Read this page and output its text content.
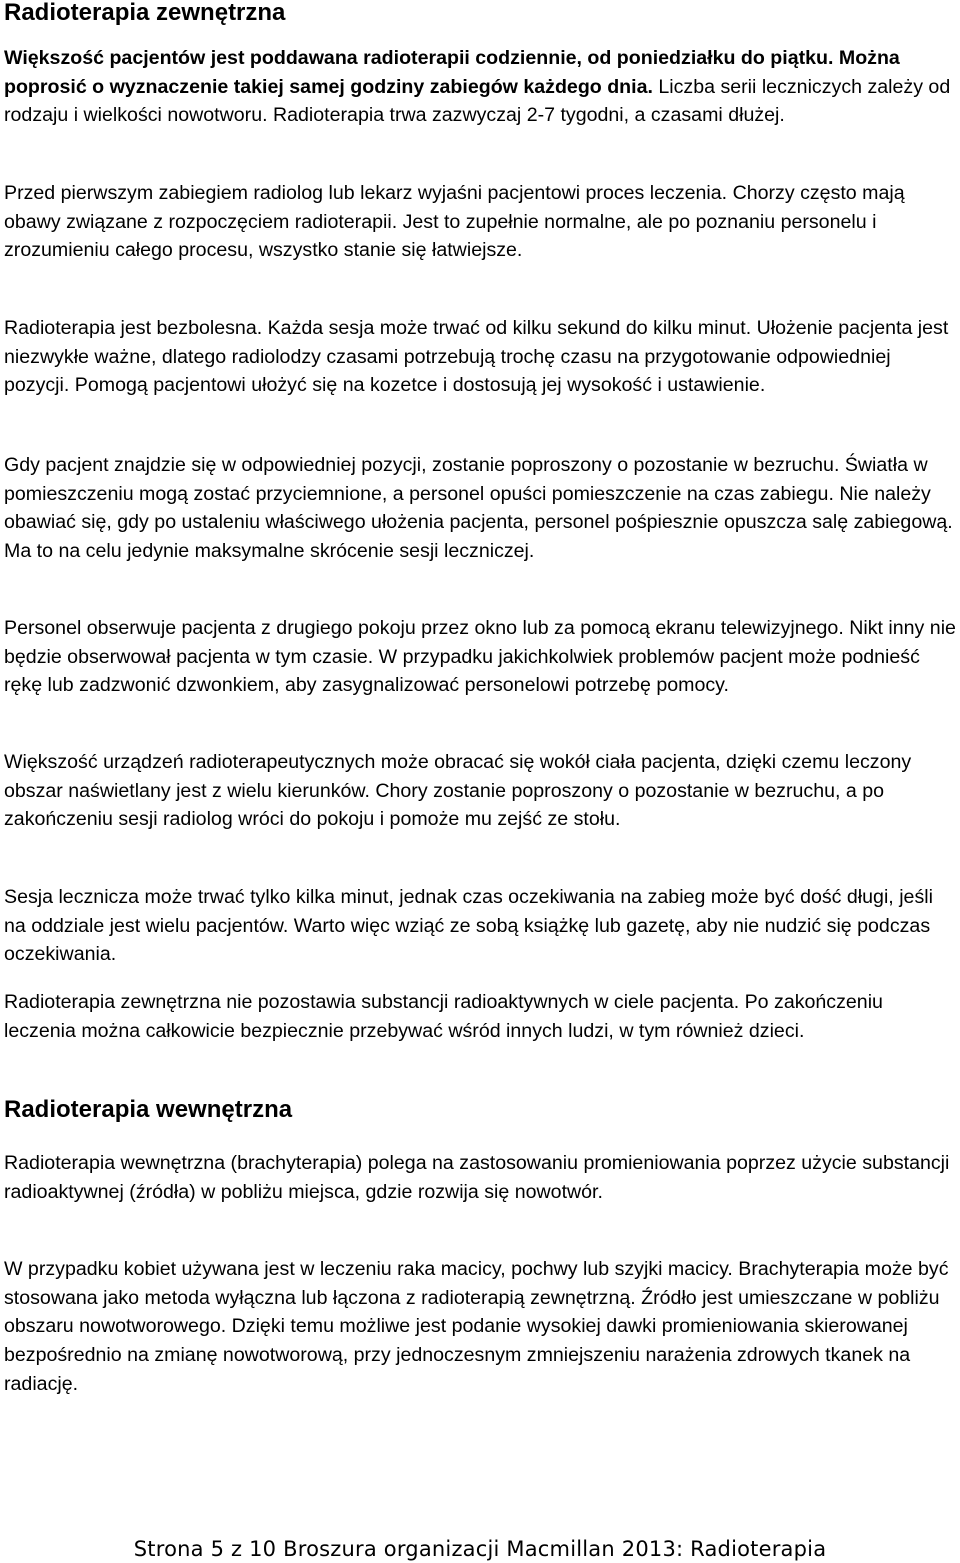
Radioterapia zewnętrzna

Większość pacjentów jest poddawana radioterapii codziennie, od poniedziałku do piątku. Można poprosić o wyznaczenie takiej samej godziny zabiegów każdego dnia. Liczba serii leczniczych zależy od rodzaju i wielkości nowotworu. Radioterapia trwa zazwyczaj 2-7 tygodni, a czasami dłużej.

Przed pierwszym zabiegiem radiolog lub lekarz wyjaśni pacjentowi proces leczenia. Chorzy często mają obawy związane z rozpoczęciem radioterapii. Jest to zupełnie normalne, ale po poznaniu personelu i zrozumieniu całego procesu, wszystko stanie się łatwiejsze.

Radioterapia jest bezbolesna. Każda sesja może trwać od kilku sekund do kilku minut. Ułożenie pacjenta jest niezwykłe ważne, dlatego radiolodzy czasami potrzebują trochę czasu na przygotowanie odpowiedniej pozycji. Pomogą pacjentowi ułożyć się na kozetce i dostosują jej wysokość i ustawienie.

Gdy pacjent znajdzie się w odpowiedniej pozycji, zostanie poproszony o pozostanie w bezruchu. Światła w pomieszczeniu mogą zostać przyciemnione, a personel opuści pomieszczenie na czas zabiegu. Nie należy obawiać się, gdy po ustaleniu właściwego ułożenia pacjenta, personel pośpiesznie opuszcza salę zabiegową. Ma to na celu jedynie maksymalne skrócenie sesji leczniczej.

Personel obserwuje pacjenta z drugiego pokoju przez okno lub za pomocą ekranu telewizyjnego. Nikt inny nie będzie obserwował pacjenta w tym czasie. W przypadku jakichkolwiek problemów pacjent może podnieść rękę lub zadzwonić dzwonkiem, aby zasygnalizować personelowi potrzebę pomocy.

Większość urządzeń radioterapeutycznych może obracać się wokół ciała pacjenta, dzięki czemu leczony obszar naświetlany jest z wielu kierunków. Chory zostanie poproszony o pozostanie w bezruchu, a po zakończeniu sesji radiolog wróci do pokoju i pomoże mu zejść ze stołu.

Sesja lecznicza może trwać tylko kilka minut, jednak czas oczekiwania na zabieg może być dość długi, jeśli na oddziale jest wielu pacjentów. Warto więc wziąć ze sobą książkę lub gazetę, aby nie nudzić się podczas oczekiwania.

Radioterapia zewnętrzna nie pozostawia substancji radioaktywnych w ciele pacjenta. Po zakończeniu leczenia można całkowicie bezpiecznie przebywać wśród innych ludzi, w tym również dzieci.

Radioterapia wewnętrzna

Radioterapia wewnętrzna (brachyterapia) polega na zastosowaniu promieniowania poprzez użycie substancji radioaktywnej (źródła) w pobliżu miejsca, gdzie rozwija się nowotwór.

W przypadku kobiet używana jest w leczeniu raka macicy, pochwy lub szyjki macicy. Brachyterapia może być stosowana jako metoda wyłączna lub łączona z radioterapią zewnętrzną. Źródło jest umieszczane w pobliżu obszaru nowotworowego. Dzięki temu możliwe jest podanie wysokiej dawki promieniowania skierowanej bezpośrednio na zmianę nowotworową, przy jednoczesnym zmniejszeniu narażenia zdrowych tkanek na radiację.

Strona 5 z 10 Broszura organizacji Macmillan 2013: Radioterapia
